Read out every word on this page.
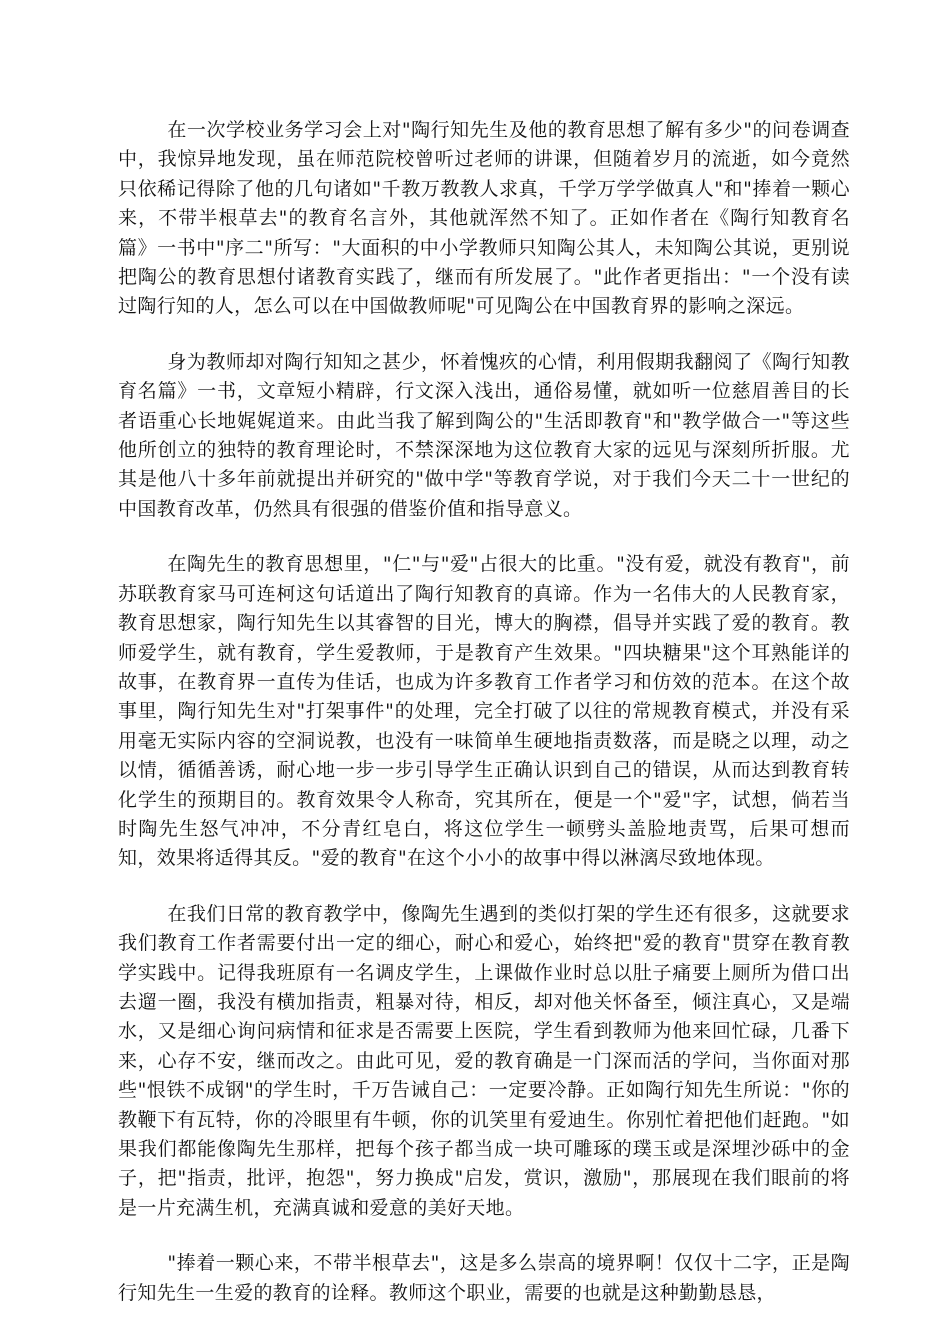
在一次学校业务学习会上对"陶行知先生及他的教育思想了解有多少"的问卷调查中，我惊异地发现，虽在师范院校曾听过老师的讲课，但随着岁月的流逝，如今竟然只依稀记得除了他的几句诸如"千教万教教人求真，千学万学学做真人"和"捧着一颗心来，不带半根草去"的教育名言外，其他就浑然不知了。正如作者在《陶行知教育名篇》一书中"序二"所写："大面积的中小学教师只知陶公其人，未知陶公其说，更别说把陶公的教育思想付诸教育实践了，继而有所发展了。"此作者更指出："一个没有读过陶行知的人，怎么可以在中国做教师呢"可见陶公在中国教育界的影响之深远。

身为教师却对陶行知知之甚少，怀着愧疚的心情，利用假期我翻阅了《陶行知教育名篇》一书，文章短小精辟，行文深入浅出，通俗易懂，就如听一位慈眉善目的长者语重心长地娓娓道来。由此当我了解到陶公的"生活即教育"和"教学做合一"等这些他所创立的独特的教育理论时，不禁深深地为这位教育大家的远见与深刻所折服。尤其是他八十多年前就提出并研究的"做中学"等教育学说，对于我们今天二十一世纪的中国教育改革，仍然具有很强的借鉴价值和指导意义。

在陶先生的教育思想里，"仁"与"爱"占很大的比重。"没有爱，就没有教育"，前苏联教育家马可连柯这句话道出了陶行知教育的真谛。作为一名伟大的人民教育家，教育思想家，陶行知先生以其睿智的目光，博大的胸襟，倡导并实践了爱的教育。教师爱学生，就有教育，学生爱教师，于是教育产生效果。"四块糖果"这个耳熟能详的故事，在教育界一直传为佳话，也成为许多教育工作者学习和仿效的范本。在这个故事里，陶行知先生对"打架事件"的处理，完全打破了以往的常规教育模式，并没有采用毫无实际内容的空洞说教，也没有一味简单生硬地指责数落，而是晓之以理，动之以情，循循善诱，耐心地一步一步引导学生正确认识到自己的错误，从而达到教育转化学生的预期目的。教育效果令人称奇，究其所在，便是一个"爱"字，试想，倘若当时陶先生怒气冲冲，不分青红皂白，将这位学生一顿劈头盖脸地责骂，后果可想而知，效果将适得其反。"爱的教育"在这个小小的故事中得以淋漓尽致地体现。

在我们日常的教育教学中，像陶先生遇到的类似打架的学生还有很多，这就要求我们教育工作者需要付出一定的细心，耐心和爱心，始终把"爱的教育"贯穿在教育教学实践中。记得我班原有一名调皮学生，上课做作业时总以肚子痛要上厕所为借口出去遛一圈，我没有横加指责，粗暴对待，相反，却对他关怀备至，倾注真心，又是端水，又是细心询问病情和征求是否需要上医院，学生看到教师为他来回忙碌，几番下来，心存不安，继而改之。由此可见，爱的教育确是一门深而活的学问，当你面对那些"恨铁不成钢"的学生时，千万告诫自己：一定要冷静。正如陶行知先生所说："你的教鞭下有瓦特，你的冷眼里有牛顿，你的讥笑里有爱迪生。你别忙着把他们赶跑。"如果我们都能像陶先生那样，把每个孩子都当成一块可雕琢的璞玉或是深埋沙砾中的金子，把"指责，批评，抱怨"，努力换成"启发，赏识，激励"，那展现在我们眼前的将是一片充满生机，充满真诚和爱意的美好天地。

"捧着一颗心来，不带半根草去"，这是多么崇高的境界啊！仅仅十二字，正是陶行知先生一生爱的教育的诠释。教师这个职业，需要的也就是这种勤勤恳恳，
